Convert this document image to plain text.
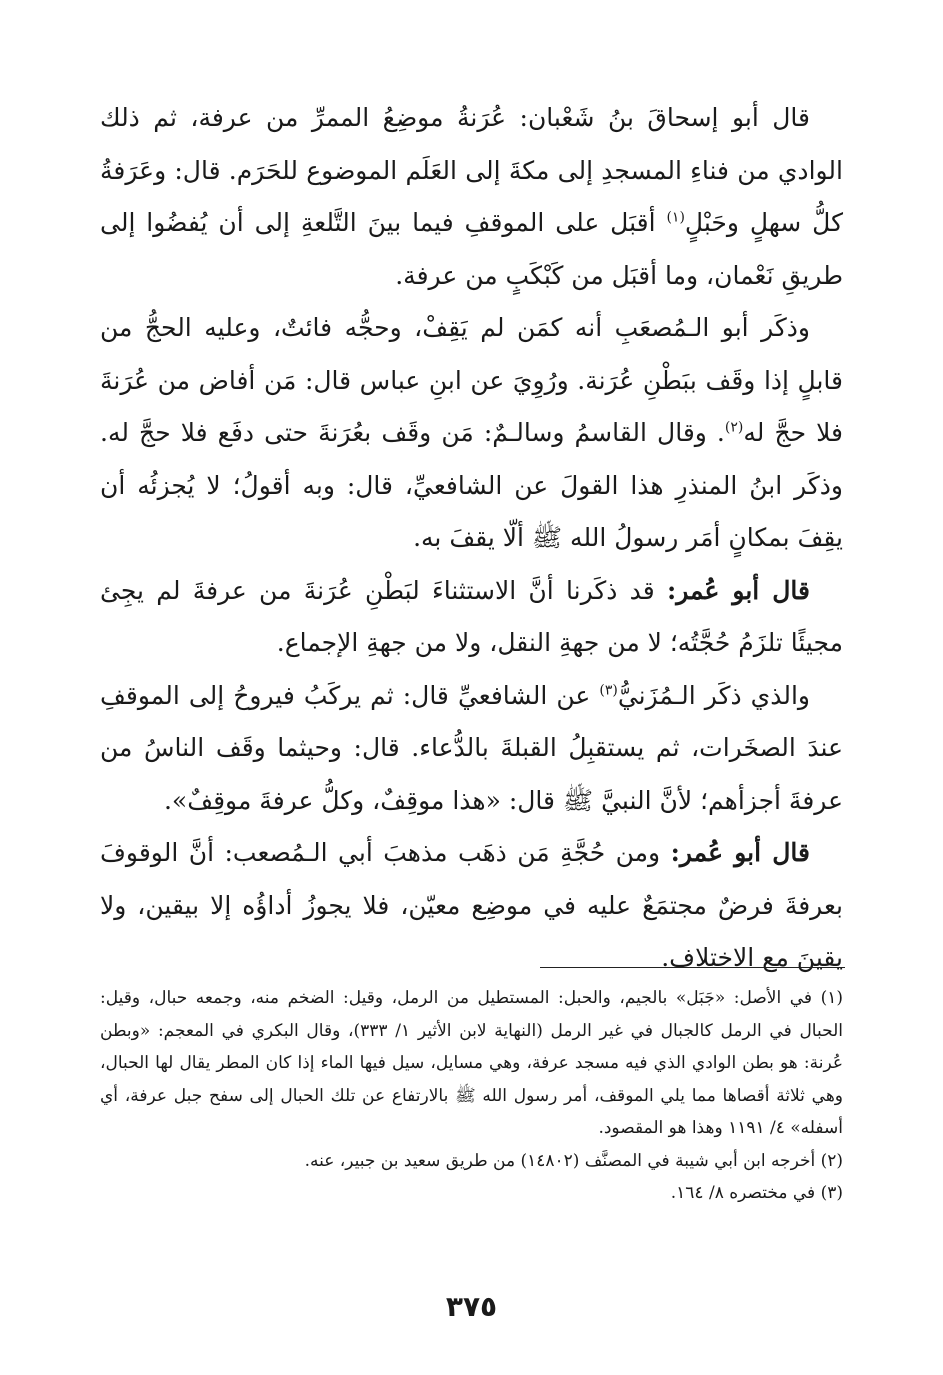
قال أبو إسحاقَ بنُ شَعْبان: عُرَنةُ موضِعُ الممرِّ من عرفة، ثم ذلك الوادي من فناءِ المسجدِ إلى مكةَ إلى العَلَم الموضوع للحَرَم. قال: وعَرَفةُ كلُّ سهلٍ وحَبْلٍ$^{(١)}$ أقبَل على الموقفِ فيما بينَ التَّلعةِ إلى أن يُفضُوا إلى طريقِ نَعْمان، وما أقبَل من كَبْكَبٍ من عرفة.

وذكَر أبو الـمُصعَبِ أنه كمَن لم يَقِفْ، وحجُّه فائتٌ، وعليه الحجُّ من قابلٍ إذا وقَف ببَطْنِ عُرَنة. ورُوِيَ عن ابنِ عباس قال: مَن أفاض من عُرَنةَ فلا حجَّ له$^{(٢)}$. وقال القاسمُ وسالـمٌ: مَن وقَف بعُرَنةَ حتى دفَع فلا حجَّ له. وذكَر ابنُ المنذرِ هذا القولَ عن الشافعيِّ، قال: وبه أقولُ؛ لا يُجزئُه أن يقِفَ بمكانٍ أمَر رسولُ الله ﷺ ألّا يقفَ به.

قال أبو عُمر: قد ذكَرنا أنَّ الاستثناءَ لبَطْنِ عُرَنةَ من عرفةَ لم يجِئ مجيئًا تلزَمُ حُجَّتُه؛ لا من جهةِ النقل، ولا من جهةِ الإجماع.

والذي ذكَر الـمُزَنيُّ$^{(٣)}$ عن الشافعيِّ قال: ثم يركَبُ فيروحُ إلى الموقفِ عندَ الصخَرات، ثم يستقبِلُ القبلةَ بالدُّعاء. قال: وحيثما وقَف الناسُ من عرفةَ أجزأهم؛ لأنَّ النبيَّ ﷺ قال: «هذا موقِفٌ، وكلُّ عرفةَ موقِفٌ».

قال أبو عُمر: ومن حُجَّةِ مَن ذهَب مذهبَ أبي الـمُصعب: أنَّ الوقوفَ بعرفةَ فرضٌ مجتمَعٌ عليه في موضِع معيّن، فلا يجوزُ أداؤُه إلا بيقين، ولا يقينَ مع الاختلاف.

(١) في الأصل: «جَبَل» بالجيم، والحبل: المستطيل من الرمل، وقيل: الضخم منه، وجمعه حبال، وقيل: الحبال في الرمل كالجبال في غير الرمل (النهاية لابن الأثير ١/ ٣٣٣)، وقال البكري في المعجم: «وبطن عُرنة: هو بطن الوادي الذي فيه مسجد عرفة، وهي مسايل، سيل فيها الماء إذا كان المطر يقال لها الحبال، وهي ثلاثة أقصاها مما يلي الموقف، أمر رسول الله ﷺ بالارتفاع عن تلك الحبال إلى سفح جبل عرفة، أي أسفله» ٤/ ١١٩١ وهذا هو المقصود.

(٢) أخرجه ابن أبي شيبة في المصنَّف (١٤٨٠٢) من طريق سعيد بن جبير، عنه.

(٣) في مختصره ٨/ ١٦٤.

٣٧٥
